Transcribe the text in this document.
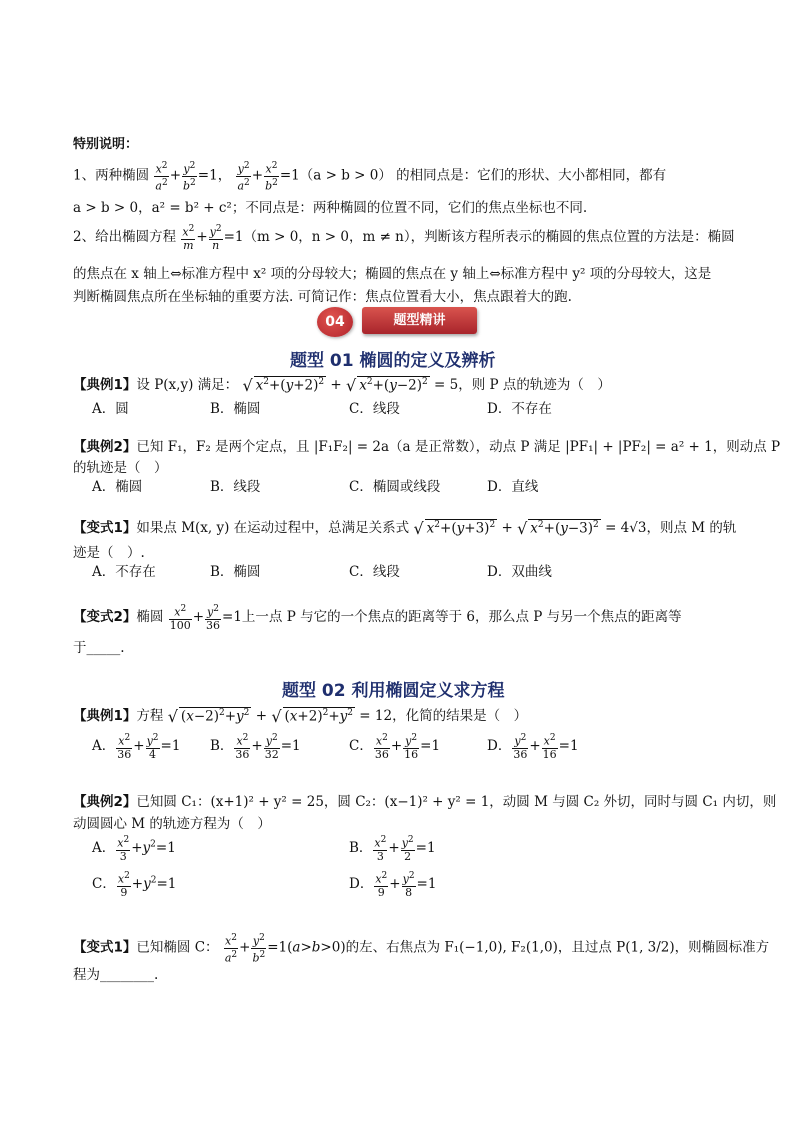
特别说明：
1、两种椭圆 $\frac{x^2}{a^2} + \frac{y^2}{b^2} =1$， $\frac{y^2}{a^2} + \frac{x^2}{b^2} =1(a > b > 0)$ 的相同点是：它们的形状、大小都相同，都有
a > b > 0，a² = b² + c²；不同点是：两种椭圆的位置不同，它们的焦点坐标也不同.
2、给出椭圆方程 $\frac{x^2}{m} + \frac{y^2}{n} =1(m > 0$，n > 0，m ≠ n），判断该方程所表示的椭圆的焦点位置的方法是：椭圆
的焦点在 x 轴上⇔标准方程中 x² 项的分母较大；椭圆的焦点在 y 轴上⇔标准方程中 y² 项的分母较大，这是
判断椭圆焦点所在坐标轴的重要方法. 可简记作：焦点位置看大小，焦点跟着大的跑.
04	题型精讲
题型 01 椭圆的定义及辨析
【典例1】设 P(x,y) 满足： √ $x^2+(y+2)^2$ + √ $x^2+(y-2)^2 = 5$，则 P 点的轨迹为（　）
A．圆	B．椭圆	C．线段	D．不存在
【典例2】已知 F₁，F₂ 是两个定点，且 |F₁F₂| = 2a（a 是正常数），动点 P 满足 |PF₁| + |PF₂| = a² + 1，则动点 P
的轨迹是（　）
A．椭圆	B．线段	C．椭圆或线段	D．直线
【变式1】如果点 M(x, y) 在运动过程中，总满足关系式 √ $x^2+(y+3)^2$ + √ $x^2+(y-3)^2 = 4√3$，则点 M 的轨
迹是（　）.
A．不存在	B．椭圆	C．线段	D．双曲线
【变式2】椭圆 $\frac{x^2}{100} + \frac{y^2}{36} =1$上一点 P 与它的一个焦点的距离等于 6，那么点 P 与另一个焦点的距离等
于_____.
题型 02 利用椭圆定义求方程
【典例1】方程 √ $(x-2)^2+y^2$ + √ $(x+2)^2+y^2 = 12$，化简的结果是（　）
A． $\frac{x^2}{36} + \frac{y^2}{4} =1$ B． $\frac{x^2}{36} + \frac{y^2}{32} =1$	C． $\frac{x^2}{36} + \frac{y^2}{16} =1$	D． $\frac{y^2}{36} + \frac{x^2}{16} =1$
【典例2】已知圆 C₁：(x+1)² + y² = 25，圆 C₂：(x−1)² + y² = 1，动圆 M 与圆 C₂ 外切，同时与圆 C₁ 内切，则
动圆圆心 M 的轨迹方程为（　）
A． $\frac{x^2}{3} +y^2=1$	B． $\frac{x^2}{3} + \frac{y^2}{2} =1$
C． $\frac{x^2}{9} +y^2=1$	D． $\frac{x^2}{9} + \frac{y^2}{8} =1$
【变式1】已知椭圆 C： $\frac{x^2}{a^2} + \frac{y^2}{b^2} =1(a>b>0)$的左、右焦点为 F₁(−1,0), F₂(1,0)，且过点 P(1, 3/2)，则椭圆标准方
程为________.
